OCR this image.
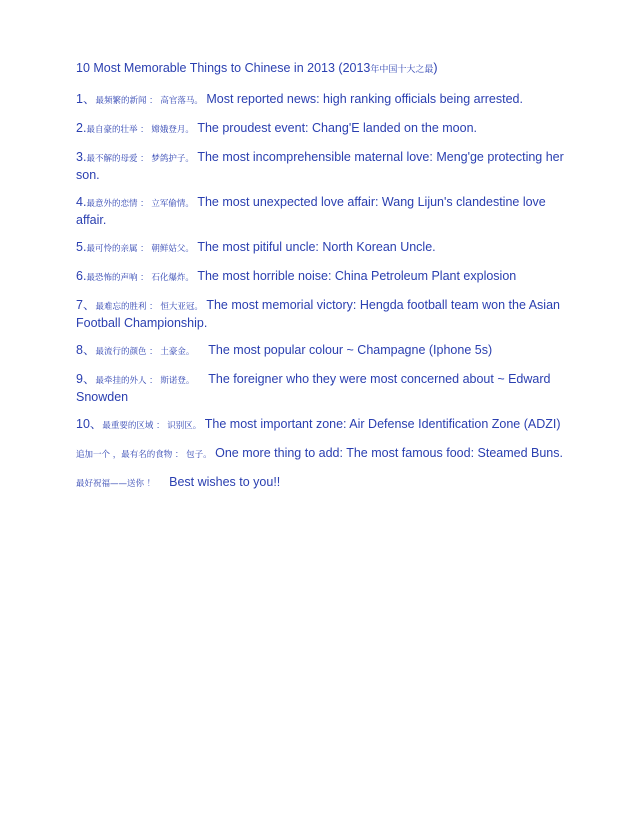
10 Most Memorable Things to Chinese in 2013 (2013年中国十大之最)
1、最频繁的新闻 ： 高官落马。 Most reported news: high ranking officials being arrested.
2.最自豪的壮举 ： 嫦娥登月。 The proudest event: Chang'E landed on the moon.
3.最不解的母爱 ： 梦鸽护子。 The most incomprehensible maternal love: Meng'ge protecting her son.
4.最意外的恋情 ： 立军偷情。 The most unexpected love affair: Wang Lijun's clandestine love affair.
5.最可怜的亲属 ： 朝鲜姑父。 The most pitiful uncle: North Korean Uncle.
6.最恐怖的声响 ： 石化爆炸。 The most horrible noise: China Petroleum Plant explosion
7、最难忘的胜利 ： 恒大亚冠。 The most memorial victory: Hengda football team won the Asian Football Championship.
8、最流行的颜色 ： 土豪金。 The most popular colour ~ Champagne (Iphone 5s)
9、最牵挂的外人 ： 斯诺登。 The foreigner who they were most concerned about ~ Edward Snowden
10、最重要的区域 ： 识别区。 The most important zone: Air Defense Identification Zone (ADZI)
追加一个 ，最有名的食物 ： 包子。 One more thing to add: The most famous food: Steamed Buns.
最好祝福——送你 ！ Best wishes to you!!
